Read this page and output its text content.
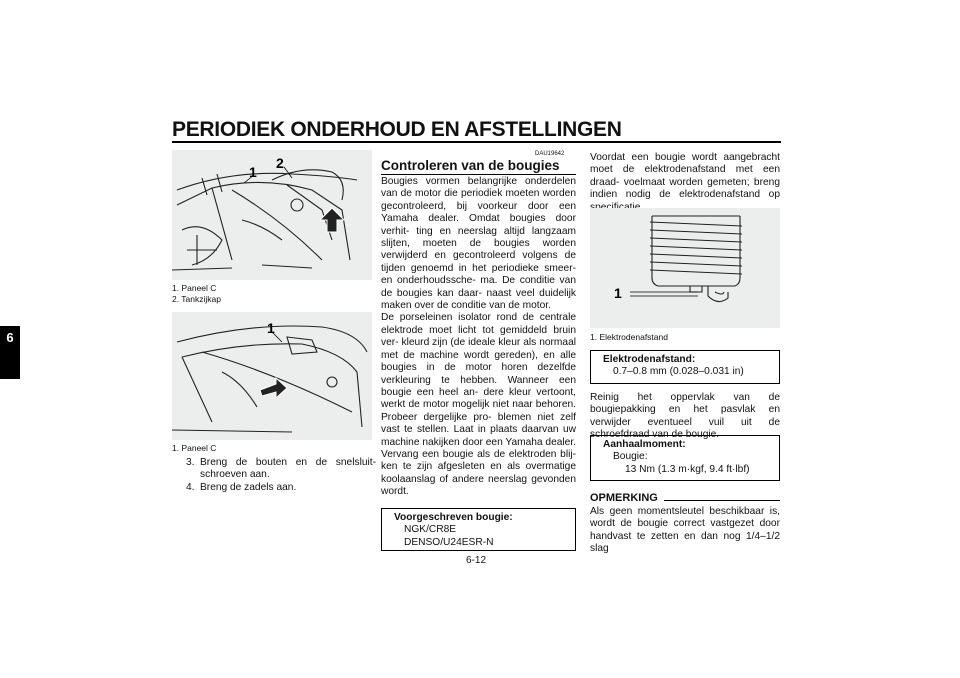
PERIODIEK ONDERHOUD EN AFSTELLINGEN
6
1
2
1. Paneel C
2. Tankzijkap
1
1. Paneel C
3. Breng de bouten en de snelsluit- schroeven aan.
4. Breng de zadels aan.
DAU19642
Controleren van de bougies

Bougies vormen belangrijke onderdelen van de motor die periodiek moeten worden gecontroleerd, bij voorkeur door een Yamaha dealer. Omdat bougies door verhit- ting en neerslag altijd langzaam slijten, moeten de bougies worden verwijderd en gecontroleerd volgens de tijden genoemd in het periodieke smeer- en onderhoudssche- ma. De conditie van de bougies kan daar- naast veel duidelijk maken over de conditie van de motor.

De porseleinen isolator rond de centrale elektrode moet licht tot gemiddeld bruin ver- kleurd zijn (de ideale kleur als normaal met de machine wordt gereden), en alle bougies in de motor horen dezelfde verkleuring te hebben. Wanneer een bougie een heel an- dere kleur vertoont, werkt de motor mogelijk niet naar behoren. Probeer dergelijke pro- blemen niet zelf vast te stellen. Laat in plaats daarvan uw machine nakijken door een Yamaha dealer.

Vervang een bougie als de elektroden blij- ken te zijn afgesleten en als overmatige koolaanslag of andere neerslag gevonden wordt.

Voorgeschreven bougie:
NGK/CR8E
DENSO/U24ESR-N

Voordat een bougie wordt aangebracht moet de elektrodenafstand met een draad- voelmaat worden gemeten; breng indien nodig de elektrodenafstand op

1
1. Elektrodenafstand
Elektrodenafstand:
0.7–0.8 mm (0.028–0.031 in)

Reinig het oppervlak van de bougiepakking en het pasvlak en verwijder eventueel vuil uit de schroefdraad van de bougie.

Aanhaalmoment:
Bougie:
13 Nm (1.3 m·kgf, 9.4 ft·lbf)
OPMERKING

Als geen momentsleutel beschikbaar is, wordt de bougie correct vastgezet door handvast te zetten en dan nog 1/4–1/2 slag

6-12
